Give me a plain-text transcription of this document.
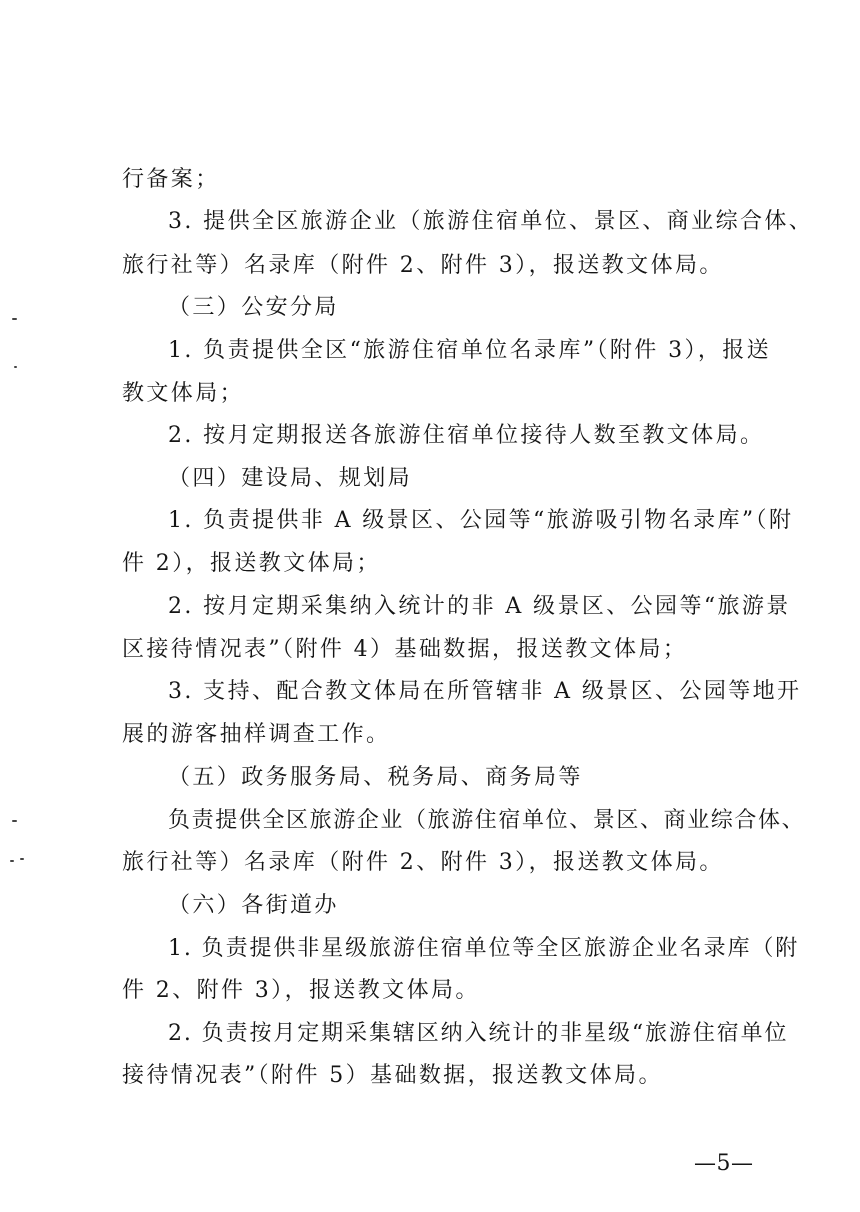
行备案；
3. 提供全区旅游企业（旅游住宿单位、景区、商业综合体、
旅行社等）名录库（附件 2、附件 3），报送教文体局。
（三）公安分局
1. 负责提供全区“旅游住宿单位名录库”（附件 3），报送
教文体局；
2. 按月定期报送各旅游住宿单位接待人数至教文体局。
（四）建设局、规划局
1. 负责提供非 A 级景区、公园等“旅游吸引物名录库”（附
件 2），报送教文体局；
2. 按月定期采集纳入统计的非 A 级景区、公园等“旅游景
区接待情况表”（附件 4）基础数据，报送教文体局；
3. 支持、配合教文体局在所管辖非 A 级景区、公园等地开
展的游客抽样调查工作。
（五）政务服务局、税务局、商务局等
负责提供全区旅游企业（旅游住宿单位、景区、商业综合体、
旅行社等）名录库（附件 2、附件 3），报送教文体局。
（六）各街道办
1. 负责提供非星级旅游住宿单位等全区旅游企业名录库（附
件 2、附件 3），报送教文体局。
2. 负责按月定期采集辖区纳入统计的非星级“旅游住宿单位
接待情况表”（附件 5）基础数据，报送教文体局。
—5—
